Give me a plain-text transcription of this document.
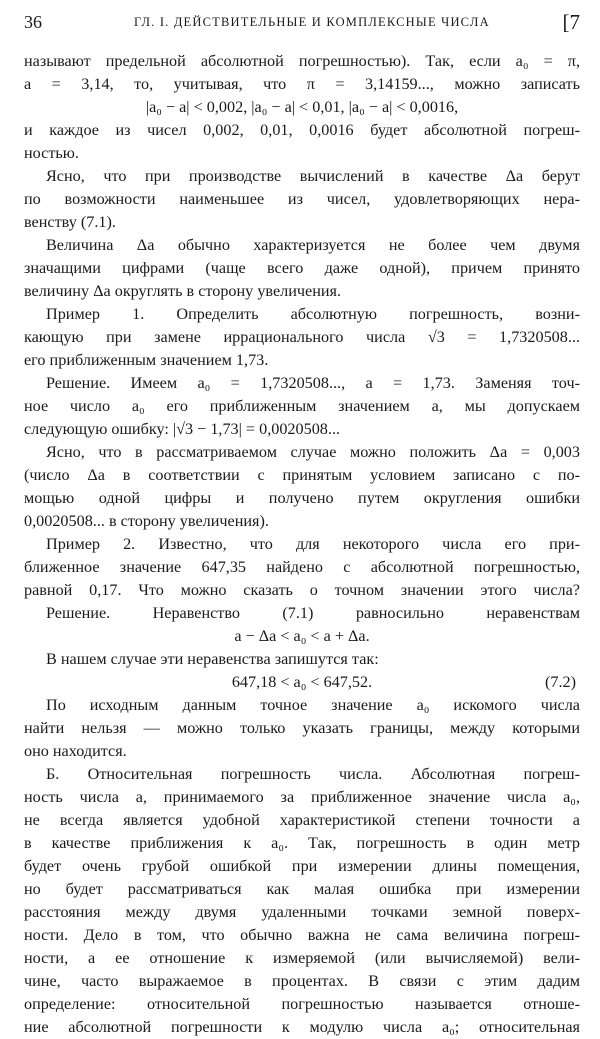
36	ГЛ. I. ДЕЙСТВИТЕЛЬНЫЕ И КОМПЛЕКСНЫЕ ЧИСЛА	[7

называют предельной абсолютной погрешностью). Так, если a₀ = π,

a = 3,14, то, учитывая, что π = 3,14159..., можно записать

|a₀ − a| < 0,002, |a₀ − a| < 0,01, |a₀ − a| < 0,0016,

и каждое из чисел 0,002, 0,01, 0,0016 будет абсолютной погреш-

ностью.

Ясно, что при производстве вычислений в качестве Δa берут

по возможности наименьшее из чисел, удовлетворяющих нера-

венству (7.1).

Величина Δa обычно характеризуется не более чем двумя

значащими цифрами (чаще всего даже одной), причем принято

величину Δa округлять в сторону увеличения.

Пример 1. Определить абсолютную погрешность, возни-

кающую при замене иррационального числа √3 = 1,7320508...

его приближенным значением 1,73.

Решение. Имеем a₀ = 1,7320508..., a = 1,73. Заменяя точ-

ное число a₀ его приближенным значением a, мы допускаем

следующую ошибку: |√3 − 1,73| = 0,0020508...

Ясно, что в рассматриваемом случае можно положить Δa = 0,003

(число Δa в соответствии с принятым условием записано с по-

мощью одной цифры и получено путем округления ошибки

0,0020508... в сторону увеличения).

Пример 2. Известно, что для некоторого числа его при-

ближенное значение 647,35 найдено с абсолютной погрешностью,

равной 0,17. Что можно сказать о точном значении этого числа?

Решение. Неравенство (7.1) равносильно неравенствам

a − Δa < a₀ < a + Δa.

В нашем случае эти неравенства запишутся так:

647,18 < a₀ < 647,52.	(7.2)

По исходным данным точное значение a₀ искомого числа

найти нельзя — можно только указать границы, между которыми

оно находится.

Б. Относительная погрешность числа. Абсолютная погреш-

ность числа a, принимаемого за приближенное значение числа a₀,

не всегда является удобной характеристикой степени точности a

в качестве приближения к a₀. Так, погрешность в один метр

будет очень грубой ошибкой при измерении длины помещения,

но будет рассматриваться как малая ошибка при измерении

расстояния между двумя удаленными точками земной поверх-

ности. Дело в том, что обычно важна не сама величина погреш-

ности, а ее отношение к измеряемой (или вычисляемой) вели-

чине, часто выражаемое в процентах. В связи с этим дадим

определение: относительной погрешностью называется отноше-

ние абсолютной погрешности к модулю числа a₀; относительная
